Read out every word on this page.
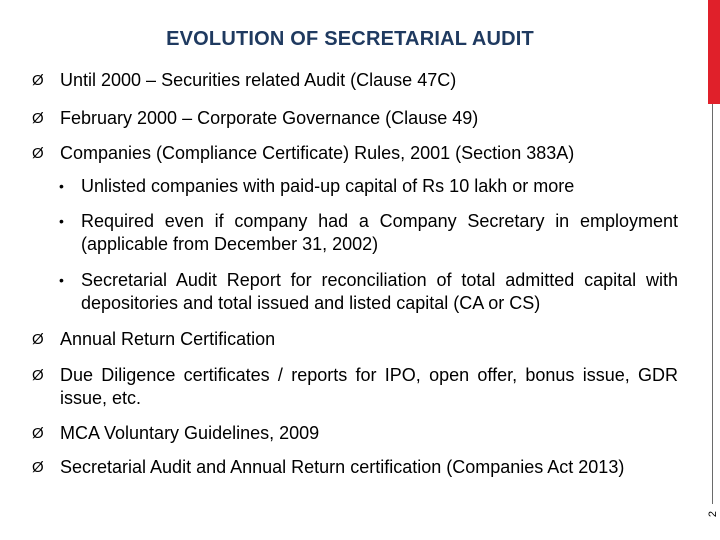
EVOLUTION OF SECRETARIAL AUDIT
2
Ø Until 2000 – Securities related Audit (Clause 47C)
Ø February 2000 – Corporate Governance (Clause 49)
Ø Companies (Compliance Certificate) Rules, 2001 (Section 383A)
• Unlisted companies with paid-up capital of Rs 10 lakh or more
• Required even if company had a Company Secretary in employment (applicable from December 31, 2002)
• Secretarial Audit Report for reconciliation of total admitted capital with depositories and total issued and listed capital (CA or CS)
Ø Annual Return Certification
Ø Due Diligence certificates / reports for IPO, open offer, bonus issue, GDR issue, etc.
Ø MCA Voluntary Guidelines, 2009
Ø Secretarial Audit and Annual Return certification (Companies Act 2013)
